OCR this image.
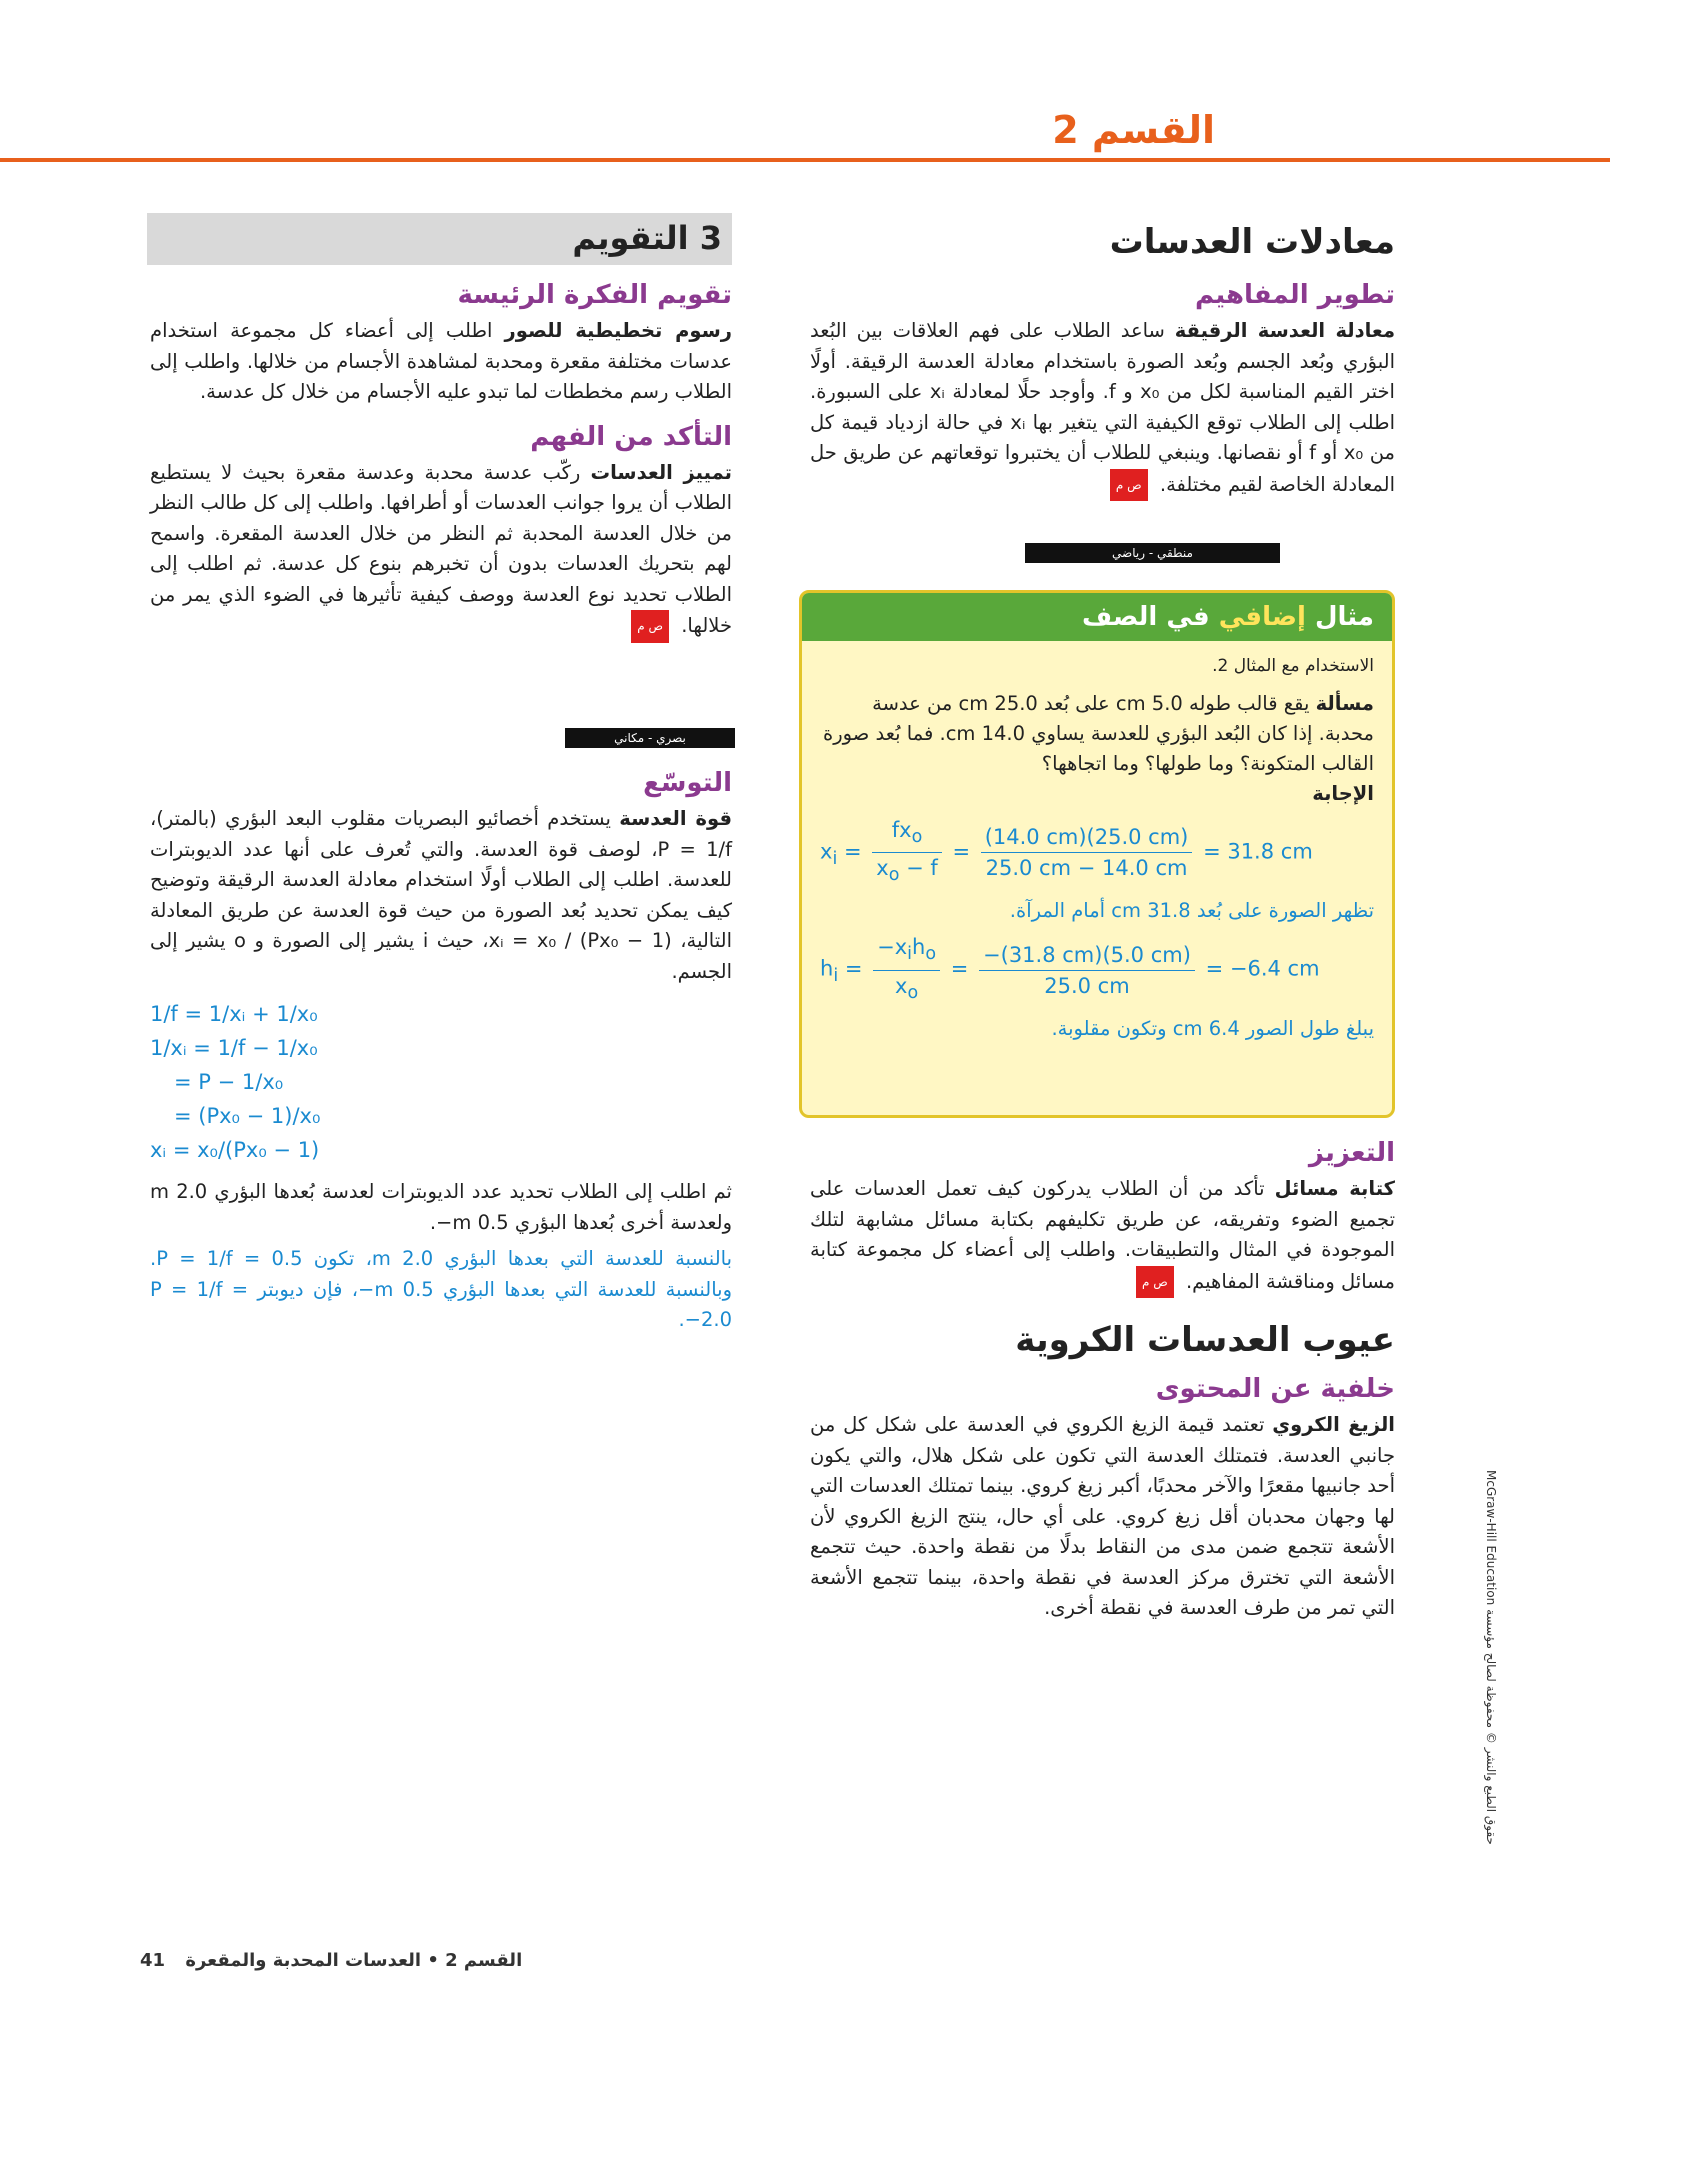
القسم 2
معادلات العدسات
تطوير المفاهيم
معادلة العدسة الرقيقة ساعد الطلاب على فهم العلاقات بين البُعد البؤري وبُعد الجسم وبُعد الصورة باستخدام معادلة العدسة الرقيقة. أولًا اختر القيم المناسبة لكل من x₀ و f. وأوجد حلًا لمعادلة xᵢ على السبورة. اطلب إلى الطلاب توقع الكيفية التي يتغير بها xᵢ في حالة ازدياد قيمة كل من x₀ أو f أو نقصانها. وينبغي للطلاب أن يختبروا توقعاتهم عن طريق حل المعادلة الخاصة لقيم مختلفة. ص م
منطقي - رياضي
مثال إضافي في الصف

الاستخدام مع المثال 2.

مسألة يقع قالب طوله 5.0 cm على بُعد 25.0 cm من عدسة محدبة. إذا كان البُعد البؤري للعدسة يساوي 14.0 cm. فما بُعد صورة القالب المتكونة؟ وما طولها؟ وما اتجاهها؟

الإجابة

$x_i = \frac{fx_o}{x_o - f} = \frac{(14.0 cm)(25.0 cm)}{25.0 cm - 14.0 cm} = 31.8$ cm

تظهر الصورة على بُعد 31.8 cm أمام المرآة.

$h_i = \frac{-x_ih_o}{x_o} = \frac{-(31.8 cm)(5.0 cm)}{25.0 cm} = -6.4$ cm

يبلغ طول الصور 6.4 cm وتكون مقلوبة.

التعزيز
كتابة مسائل تأكد من أن الطلاب يدركون كيف تعمل العدسات على تجميع الضوء وتفريقه، عن طريق تكليفهم بكتابة مسائل مشابهة لتلك الموجودة في المثال والتطبيقات. واطلب إلى أعضاء كل مجموعة كتابة مسائل ومناقشة المفاهيم. ص م
عيوب العدسات الكروية
خلفية عن المحتوى
الزيغ الكروي تعتمد قيمة الزيغ الكروي في العدسة على شكل كل من جانبي العدسة. فتمتلك العدسة التي تكون على شكل هلال، والتي يكون أحد جانبيها مقعرًا والآخر محدبًا، أكبر زيغ كروي. بينما تمتلك العدسات التي لها وجهان محدبان أقل زيغ كروي. على أي حال، ينتج الزيغ الكروي لأن الأشعة تتجمع ضمن مدى من النقاط بدلًا من نقطة واحدة. حيث تتجمع الأشعة التي تخترق مركز العدسة في نقطة واحدة، بينما تتجمع الأشعة التي تمر من طرف العدسة في نقطة أخرى.
3 التقويم
تقويم الفكرة الرئيسة
رسوم تخطيطية للصور اطلب إلى أعضاء كل مجموعة استخدام عدسات مختلفة مقعرة ومحدبة لمشاهدة الأجسام من خلالها. واطلب إلى الطلاب رسم مخططات لما تبدو عليه الأجسام من خلال كل عدسة.
التأكد من الفهم
تمييز العدسات ركّب عدسة محدبة وعدسة مقعرة بحيث لا يستطيع الطلاب أن يروا جوانب العدسات أو أطرافها. واطلب إلى كل طالب النظر من خلال العدسة المحدبة ثم النظر من خلال العدسة المقعرة. واسمح لهم بتحريك العدسات بدون أن تخبرهم بنوع كل عدسة. ثم اطلب إلى الطلاب تحديد نوع العدسة ووصف كيفية تأثيرها في الضوء الذي يمر من خلالها. ص م
بصري - مكاني
التوسّع
قوة العدسة يستخدم أخصائيو البصريات مقلوب البعد البؤري (بالمتر)، P = 1/f، لوصف قوة العدسة. والتي تُعرف على أنها عدد الديوبترات للعدسة. اطلب إلى الطلاب أولًا استخدام معادلة العدسة الرقيقة وتوضيح كيف يمكن تحديد بُعد الصورة من حيث قوة العدسة عن طريق المعادلة التالية، xᵢ = x₀ / (Px₀ − 1)، حيث i يشير إلى الصورة و o يشير إلى الجسم.
1/f = 1/xᵢ + 1/x₀
1/xᵢ = 1/f − 1/x₀
= P − 1/x₀
= (Px₀ − 1)/x₀
xᵢ = x₀/(Px₀ − 1)
ثم اطلب إلى الطلاب تحديد عدد الديوبترات لعدسة بُعدها البؤري 2.0 m ولعدسة أخرى بُعدها البؤري 0.5 m−.
بالنسبة للعدسة التي بعدها البؤري 2.0 m، تكون P = 1/f = 0.5. وبالنسبة للعدسة التي بعدها البؤري 0.5 m−، فإن ديوبتر P = 1/f = −2.0.
حقوق الطبع والنشر © محفوظة لصالح مؤسسة McGraw-Hill Education
القسم 2 • العدسات المحدبة والمقعرة 41
